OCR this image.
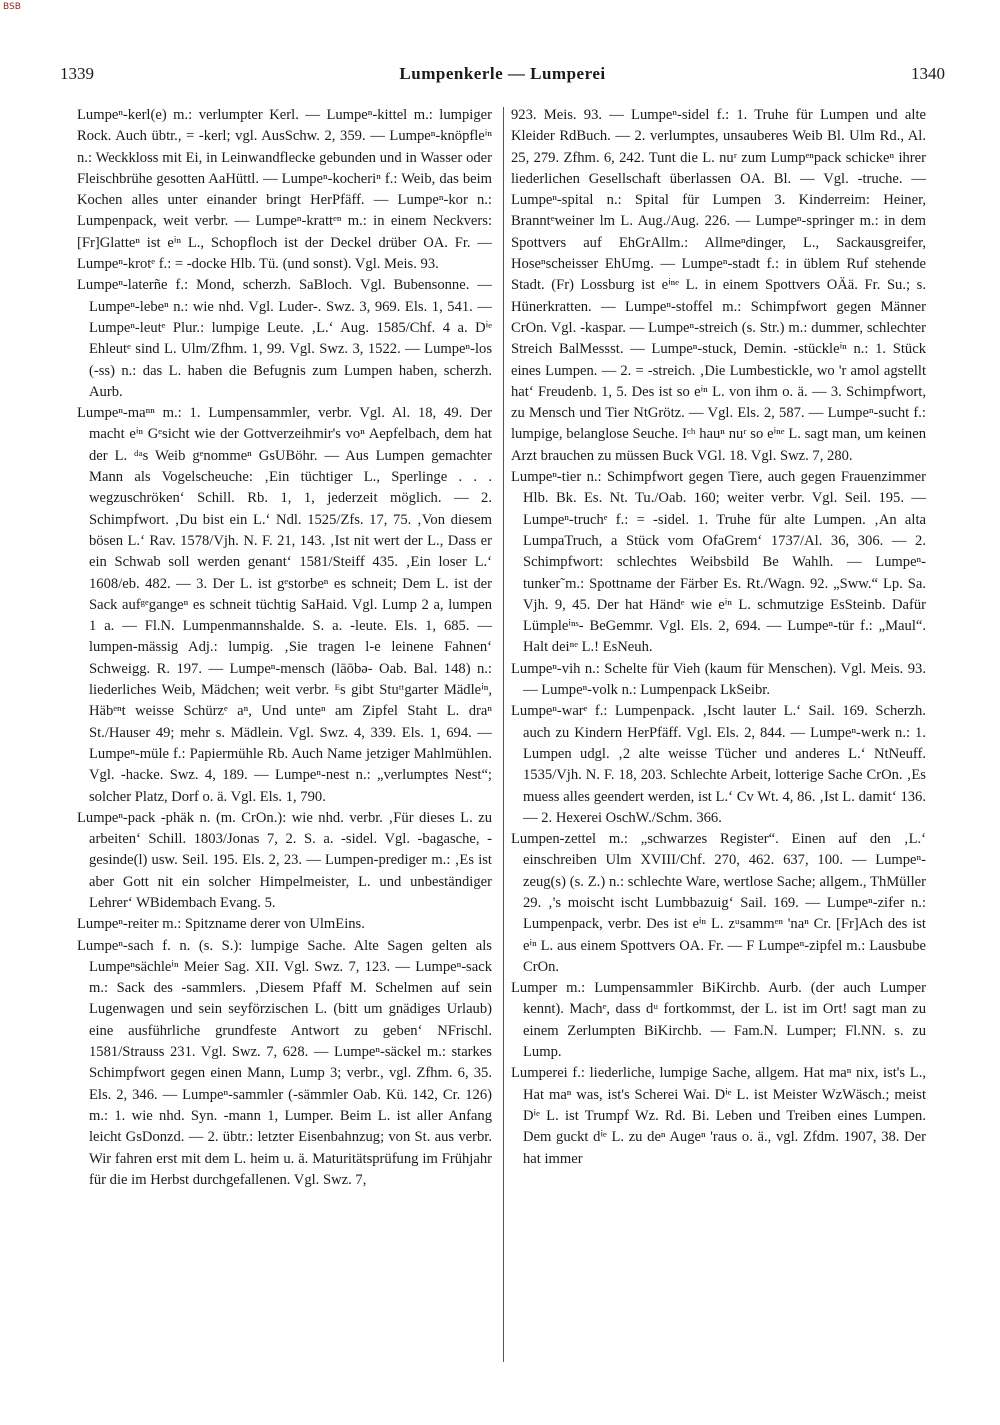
BSB
1339	Lumpenkerle — Lumperei	1340

Lumpeⁿ-kerl(e) m.: verlumpter Kerl. — Lumpeⁿ-kittel m.: lumpiger Rock. Auch übtr., = -kerl; vgl. AusSchw. 2, 359. — Lumpeⁿ-knöpfleⁱⁿ n.: Weckkloss mit Ei, in Leinwandflecke gebunden und in Wasser oder Fleischbrühe gesotten AaHüttl. — Lumpeⁿ-kocheriⁿ f.: Weib, das beim Kochen alles unter einander bringt HerPfäff. — Lumpeⁿ-kor n.: Lumpenpack, weit verbr. — Lumpeⁿ-krattᵉⁿ m.: in einem Neckvers: [Fr]Glatteⁿ ist eⁱⁿ L., Schopfloch ist der Deckel drüber OA. Fr. — Lumpeⁿ-krotᵉ f.: = -docke Hlb. Tü. (und sonst). Vgl. Meis. 93.

Lumpeⁿ-laterñe f.: Mond, scherzh. SaBloch. Vgl. Bubensonne. — Lumpeⁿ-lebeⁿ n.: wie nhd. Vgl. Luder-. Swz. 3, 969. Els. 1, 541. — Lumpeⁿ-leutᵉ Plur.: lumpige Leute. ‚L.‘ Aug. 1585/Chf. 4 a. Dⁱᵉ Ehleutᵉ sind L. Ulm/Zfhm. 1, 99. Vgl. Swz. 3, 1522. — Lumpeⁿ-los (-ss) n.: das L. haben die Befugnis zum Lumpen haben, scherzh. Aurb.

Lumpeⁿ-maⁿⁿ m.: 1. Lumpensammler, verbr. Vgl. Al. 18, 49. Der macht eⁱⁿ Gᵉsicht wie der Gottverzeihmir's voⁿ Aepfelbach, dem hat der L. ᵈᵃs Weib gᵉnommeⁿ GsUBöhr. — Aus Lumpen gemachter Mann als Vogelscheuche: ‚Ein tüchtiger L., Sperlinge . . . wegzuschröken‘ Schill. Rb. 1, 1, jederzeit möglich. — 2. Schimpfwort. ‚Du bist ein L.‘ Ndl. 1525/Zfs. 17, 75. ‚Von diesem bösen L.‘ Rav. 1578/Vjh. N. F. 21, 143. ‚Ist nit wert der L., Dass er ein Schwab soll werden genant‘ 1581/Steiff 435. ‚Ein loser L.‘ 1608/eb. 482. — 3. Der L. ist gᵉstorbeⁿ es schneit; Dem L. ist der Sack aufᵍᵉgangeⁿ es schneit tüchtig SaHaid. Vgl. Lump 2 a, lumpen 1 a. — Fl.N. Lumpenmannshalde. S. a. -leute. Els. 1, 685. — lumpen-mässig Adj.: lumpig. ‚Sie tragen l-e leinene Fahnen‘ Schweigg. R. 197. — Lumpeⁿ-mensch (lāōbə- Oab. Bal. 148) n.: liederliches Weib, Mädchen; weit verbr. ᴱs gibt Stuᵗᵗgarter Mädleⁱⁿ, Häbᵉⁿt weisse Schürzᵉ aⁿ, Und unteⁿ am Zipfel Staht L. draⁿ St./Hauser 49; mehr s. Mädlein. Vgl. Swz. 4, 339. Els. 1, 694. — Lumpeⁿ-müle f.: Papiermühle Rb. Auch Name jetziger Mahlmühlen. Vgl. -hacke. Swz. 4, 189. — Lumpeⁿ-nest n.: „verlumptes Nest“; solcher Platz, Dorf o. ä. Vgl. Els. 1, 790.

Lumpeⁿ-pack -phäk n. (m. CrOn.): wie nhd. verbr. ‚Für dieses L. zu arbeiten‘ Schill. 1803/Jonas 7, 2. S. a. -sidel. Vgl. -bagasche, -gesinde(l) usw. Seil. 195. Els. 2, 23. — Lumpen-prediger m.: ‚Es ist aber Gott nit ein solcher Himpelmeister, L. und unbeständiger Lehrer‘ WBidembach Evang. 5.

Lumpeⁿ-reiter m.: Spitzname derer von UlmEins.

Lumpeⁿ-sach f. n. (s. S.): lumpige Sache. Alte Sagen gelten als Lumpeⁿsächleⁱⁿ Meier Sag. XII. Vgl. Swz. 7, 123. — Lumpeⁿ-sack m.: Sack des -sammlers. ‚Diesem Pfaff M. Schelmen auf sein Lugenwagen und sein seyförzischen L. (bitt um gnädiges Urlaub) eine ausführliche grundfeste Antwort zu geben‘ NFrischl. 1581/Strauss 231. Vgl. Swz. 7, 628. — Lumpeⁿ-säckel m.: starkes Schimpfwort gegen einen Mann, Lump 3; verbr., vgl. Zfhm. 6, 35. Els. 2, 346. — Lumpeⁿ-sammler (-sämmler Oab. Kü. 142, Cr. 126) m.: 1. wie nhd. Syn. -mann 1, Lumper. Beim L. ist aller Anfang leicht GsDonzd. — 2. übtr.: letzter Eisenbahnzug; von St. aus verbr. Wir fahren erst mit dem L. heim u. ä. Maturitätsprüfung im Frühjahr für die im Herbst durchgefallenen. Vgl. Swz. 7,

923. Meis. 93. — Lumpeⁿ-sidel f.: 1. Truhe für Lumpen und alte Kleider RdBuch. — 2. verlumptes, unsauberes Weib Bl. Ulm Rd., Al. 25, 279. Zfhm. 6, 242. Tunt die L. nuʳ zum Lumpᵉⁿpack schickeⁿ ihrer liederlichen Gesellschaft überlassen OA. Bl. — Vgl. -truche. — Lumpeⁿ-spital n.: Spital für Lumpen 3. Kinderreim: Heiner, Branntᵉweiner lm L. Aug./Aug. 226. — Lumpeⁿ-springer m.: in dem Spottvers auf EhGrAllm.: Allmeⁿdinger, L., Sackausgreifer, Hoseⁿscheisser EhUmg. — Lumpeⁿ-stadt f.: in üblem Ruf stehende Stadt. (Fr) Lossburg ist eⁱⁿᵉ L. in einem Spottvers OÄä. Fr. Su.; s. Hünerkratten. — Lumpeⁿ-stoffel m.: Schimpfwort gegen Männer CrOn. Vgl. -kaspar. — Lumpeⁿ-streich (s. Str.) m.: dummer, schlechter Streich BalMessst. — Lumpeⁿ-stuck, Demin. -stückleⁱⁿ n.: 1. Stück eines Lumpen. — 2. = -streich. ‚Die Lumbestickle, wo 'r amol agstellt hat‘ Freudenb. 1, 5. Des ist so eⁱⁿ L. von ihm o. ä. — 3. Schimpfwort, zu Mensch und Tier NtGrötz. — Vgl. Els. 2, 587. — Lumpeⁿ-sucht f.: lumpige, belanglose Seuche. Iᶜʰ hauⁿ nuʳ so eⁱⁿᵉ L. sagt man, um keinen Arzt brauchen zu müssen Buck VGl. 18. Vgl. Swz. 7, 280.

Lumpeⁿ-tier n.: Schimpfwort gegen Tiere, auch gegen Frauenzimmer Hlb. Bk. Es. Nt. Tu./Oab. 160; weiter verbr. Vgl. Seil. 195. — Lumpeⁿ-truchᵉ f.: = -sidel. 1. Truhe für alte Lumpen. ‚An alta LumpaTruch, a Stück vom OfaGrem‘ 1737/Al. 36, 306. — 2. Schimpfwort: schlechtes Weibsbild Be Wahlh. — Lumpeⁿ-tunker˜m.: Spottname der Färber Es. Rt./Wagn. 92. „Sww.“ Lp. Sa. Vjh. 9, 45. Der hat Händᵉ wie eⁱⁿ L. schmutzige EsSteinb. Dafür Lümpleⁱⁿˢ- BeGemmr. Vgl. Els. 2, 694. — Lumpeⁿ-tür f.: „Maul“. Halt deiⁿᵉ L.! EsNeuh.

Lumpeⁿ-vih n.: Schelte für Vieh (kaum für Menschen). Vgl. Meis. 93. — Lumpeⁿ-volk n.: Lumpenpack LkSeibr.

Lumpeⁿ-warᵉ f.: Lumpenpack. ‚Ischt lauter L.‘ Sail. 169. Scherzh. auch zu Kindern HerPfäff. Vgl. Els. 2, 844. — Lumpeⁿ-werk n.: 1. Lumpen udgl. ‚2 alte weisse Tücher und anderes L.‘ NtNeuff. 1535/Vjh. N. F. 18, 203. Schlechte Arbeit, lotterige Sache CrOn. ‚Es muess alles geendert werden, ist L.‘ Cv Wt. 4, 86. ‚Ist L. damit‘ 136. — 2. Hexerei OschW./Schm. 366.

Lumpen-zettel m.: „schwarzes Register“. Einen auf den ‚L.‘ einschreiben Ulm XVIII/Chf. 270, 462. 637, 100. — Lumpeⁿ-zeug(s) (s. Z.) n.: schlechte Ware, wertlose Sache; allgem., ThMüller 29. ‚'s moischt ischt Lumbbazuig‘ Sail. 169. — Lumpeⁿ-zifer n.: Lumpenpack, verbr. Des ist eⁱⁿ L. zᵘsammᵉⁿ 'naⁿ Cr. [Fr]Ach des ist eⁱⁿ L. aus einem Spottvers OA. Fr. — F Lumpeⁿ-zipfel m.: Lausbube CrOn.

Lumper m.: Lumpensammler BiKirchb. Aurb. (der auch Lumper kennt). Machᵉ, dass dᵘ fortkommst, der L. ist im Ort! sagt man zu einem Zerlumpten BiKirchb. — Fam.N. Lumper; Fl.NN. s. zu Lump.

Lumperei f.: liederliche, lumpige Sache, allgem. Hat maⁿ nix, ist's L., Hat maⁿ was, ist's Scherei Wai. Dⁱᵉ L. ist Meister WzWäsch.; meist Dⁱᵉ L. ist Trumpf Wz. Rd. Bi. Leben und Treiben eines Lumpen. Dem guckt dⁱᵉ L. zu deⁿ Augeⁿ 'raus o. ä., vgl. Zfdm. 1907, 38. Der hat immer
